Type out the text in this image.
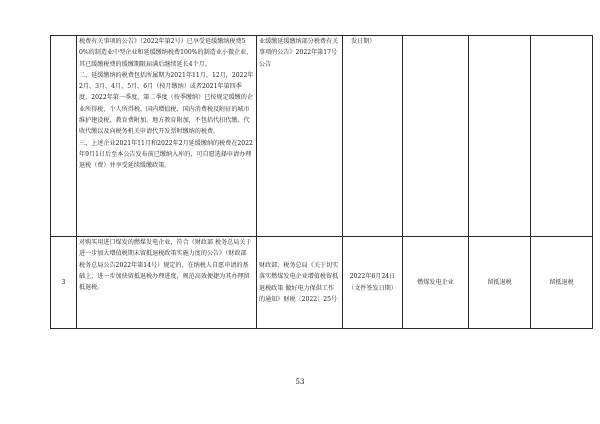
	税费有关事项的公告》（2022年第2号）已享受延缓缴纳税费50%的制造业中型企业和延缓缴纳税费100%的制造业小微企业，其已缓缴税费的缓缴期限届满后继续延长4个月。
二、延缓缴纳的税费包括所属期为2021年11月、12月，2022年2月、3月、4月、5月、6月（按月缴纳）或者2021年第四季度，2022年第一季度、第二季度（按季缴纳）已按规定缓缴的企业所得税、个人所得税、国内增值税、国内消费税及附征的城市维护建设税、教育费附加、地方教育附加，不包括代扣代缴、代收代缴以及向税务机关申请代开发票时缴纳的税费。
三、上述企业2021年11月和2022年2月延缓缴纳的税费在2022年9月1日后至本公告发布前已缴纳入库的，可自愿选择申请办理退税（费）并享受延续缓缴政策。	业缓缴延缓缴纳部分税费有关事项的公告》2022年第17号公告	发日期）			
3	对购买用进口煤发的燃煤发电企业，符合《财政部 税务总局关于进一步加大增值税期末留抵退税政策实施力度的公告》（财政部 税务总局公告2022年第14号）规定的，在纳税人自愿申请的基础上，进一步加快留抵退税办理进度，规范高效便捷为其办理留抵退税。	财政部、税务总局《关于切实落实燃煤发电企业增值税留抵退税政策 做好电力保供工作的通知》财税〔2022〕25号	2022年6月24日（文件签发日期）	燃煤发电企业	留抵退税	留抵退税
53
